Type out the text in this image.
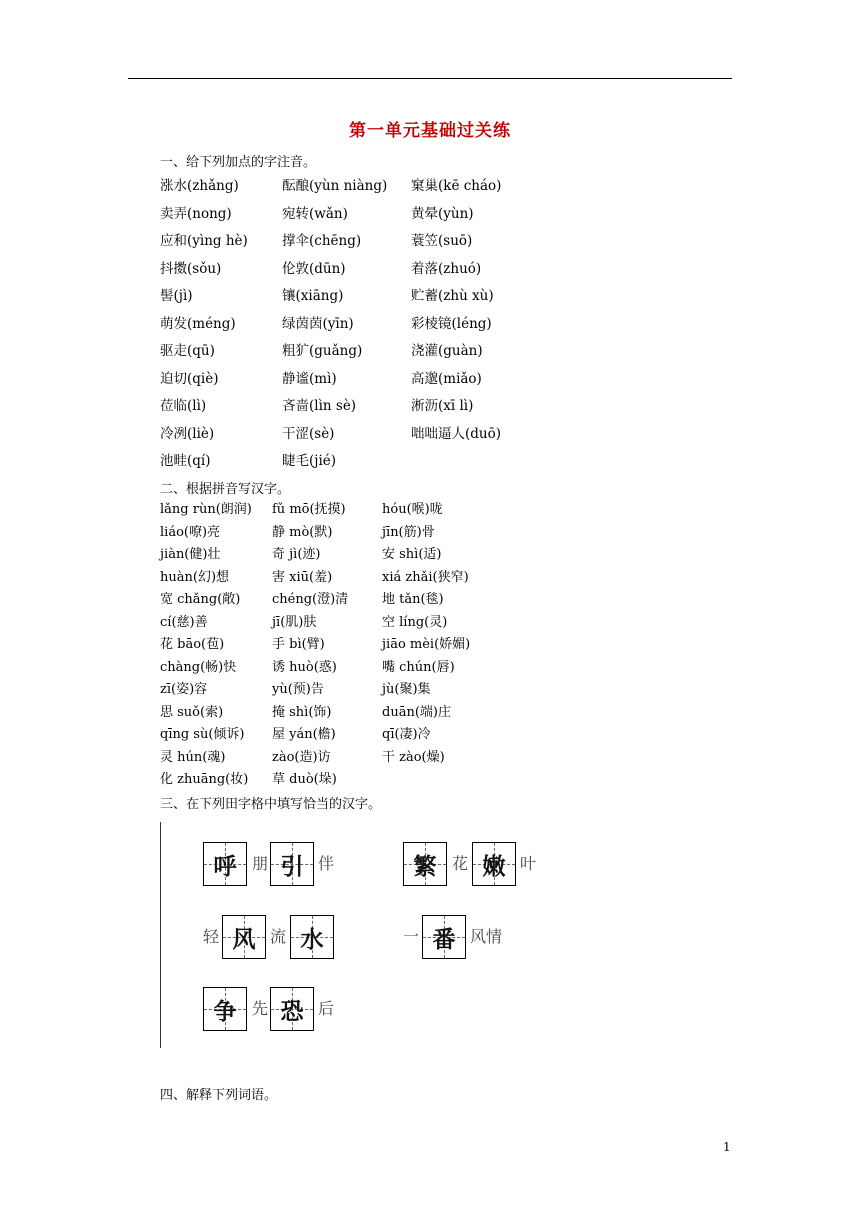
第一单元基础过关练
一、给下列加点的字注音。
涨水(zhǎng)	酝酿(yùn niàng) 窠巢(kē cháo)
卖弄(nong)	宛转(wǎn)	黄晕(yùn)
应和(yìng hè)	撑伞(chēng)	蓑笠(suō)
抖擞(sǒu)	伦敦(dūn)	着落(zhuó)
髻(jì)	镶(xiāng)	贮蓄(zhù xù)
萌发(méng)	绿茵茵(yīn)	彩棱镜(léng)
驱走(qū)	粗犷(guǎng)	浇灌(guàn)
迫切(qiè)	静谧(mì)	高邈(miǎo)
莅临(lì)	吝啬(lìn sè)	淅沥(xī lì)
冷冽(liè)	干涩(sè)	咄咄逼人(duō)
池畦(qí)	睫毛(jié)
二、根据拼音写汉字。
lǎng rùn(朗润) fǔ mō(抚摸)	hóu(喉)咙
liáo(嘹)亮	静 mò(默)	jīn(筋)骨
jiàn(健)壮	奇 jì(迹)	安 shì(适)
huàn(幻)想	害 xiū(羞)	xiá zhǎi(狭窄)
宽 chǎng(敞) chéng(澄)清	地 tǎn(毯)
cí(慈)善	jī(肌)肤	空 líng(灵)
花 bāo(苞)	手 bì(臂)	jiāo mèi(娇媚)
chàng(畅)快	诱 huò(惑)	嘴 chún(唇)
zī(姿)容	yù(预)告	jù(聚)集
思 suǒ(索)	掩 shì(饰)	duān(端)庄
qīng sù(倾诉) 屋 yán(檐)	qī(凄)冷
灵 hún(魂)	zào(造)访	干 zào(燥)
化 zhuāng(妆) 草 duò(垛)
三、在下列田字格中填写恰当的汉字。
呼 朋 引 伴	繁 花 嫩 叶
轻 风 流 水	一 番 风情
争 先 恐 后
四、解释下列词语。
1
